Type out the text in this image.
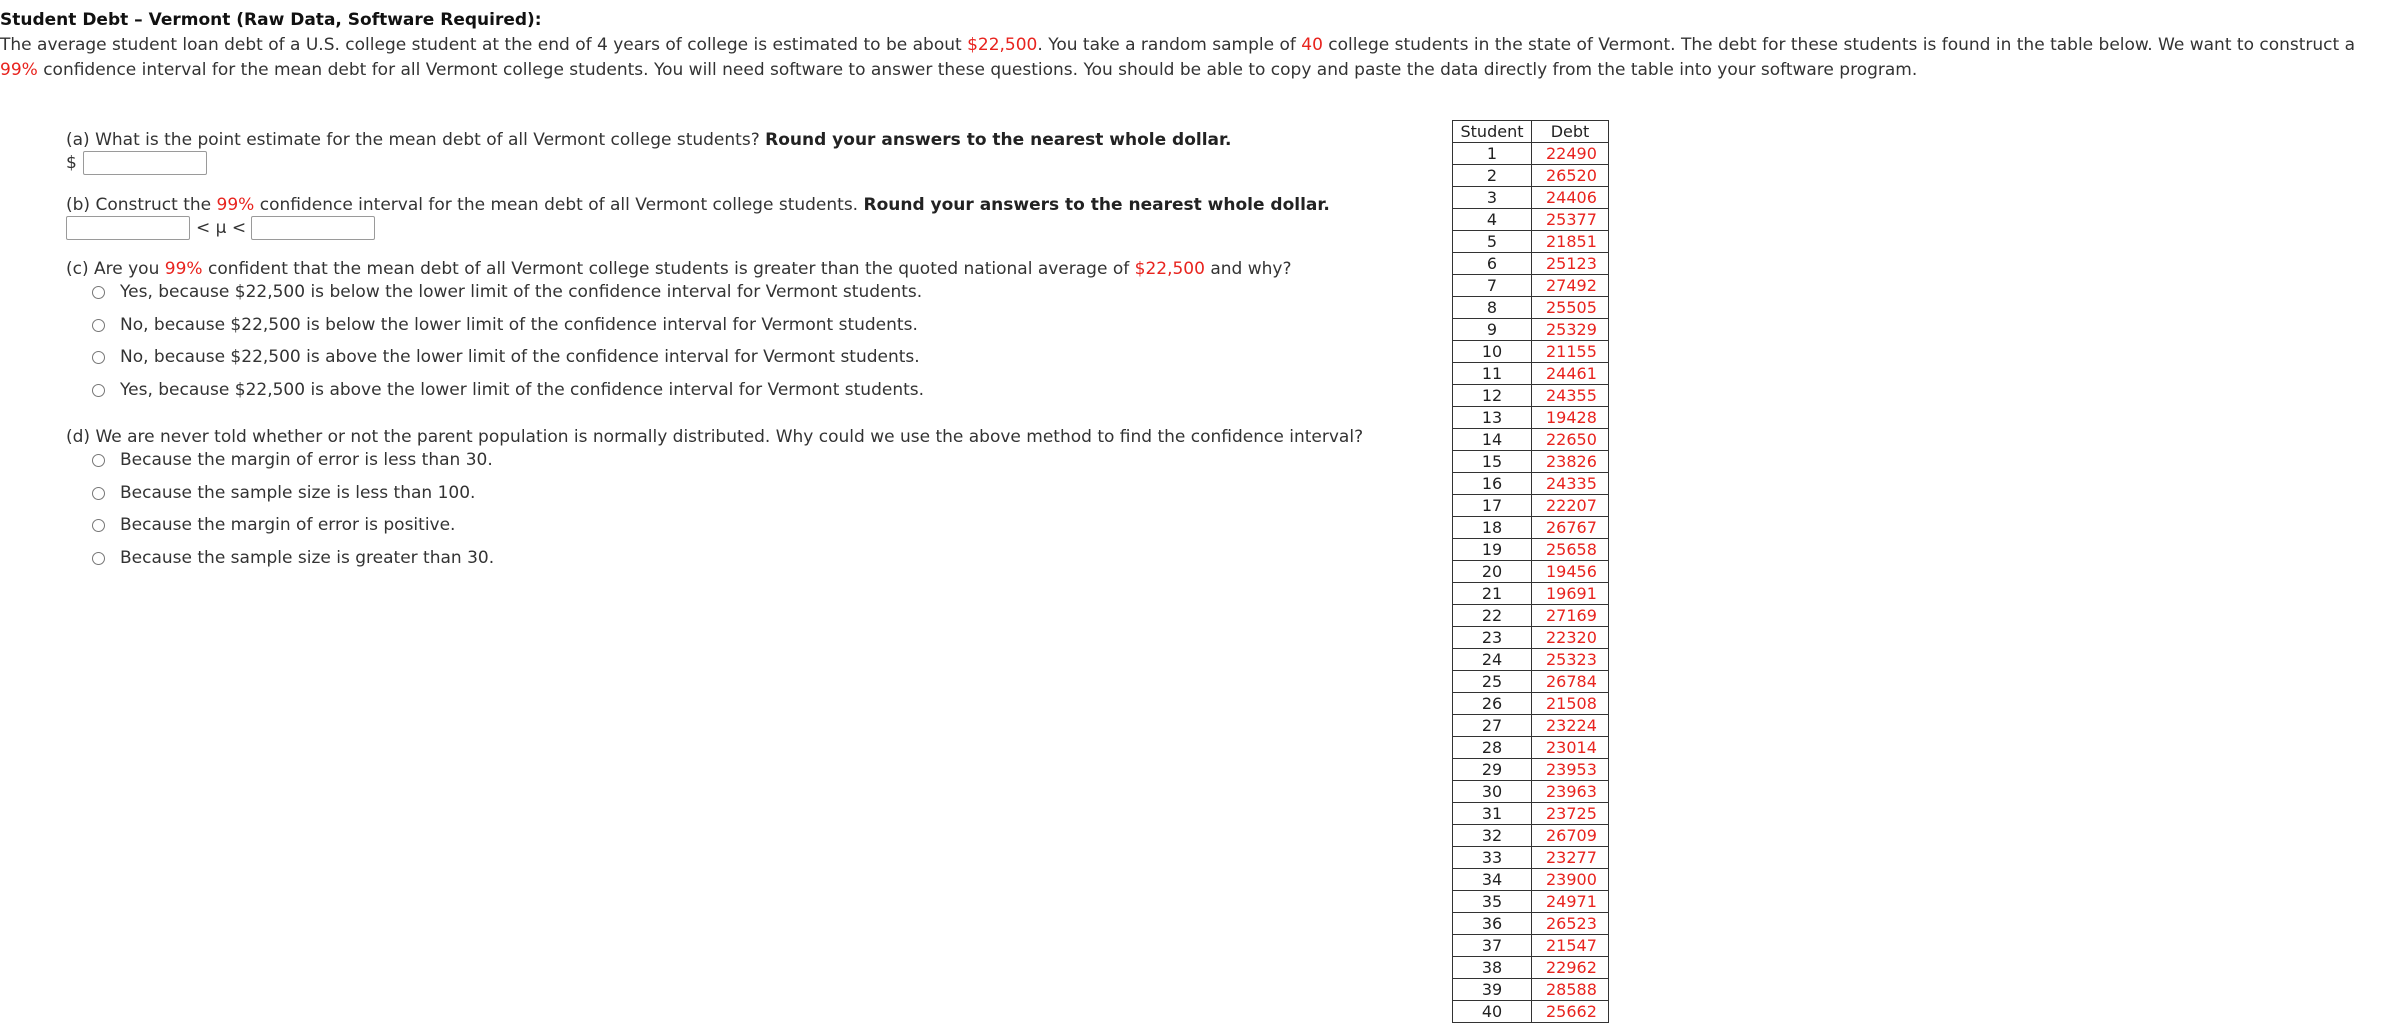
Student Debt – Vermont (Raw Data, Software Required):
The average student loan debt of a U.S. college student at the end of 4 years of college is estimated to be about $22,500. You take a random sample of 40 college students in the state of Vermont. The debt for these students is found in the table below. We want to construct a 99% confidence interval for the mean debt for all Vermont college students. You will need software to answer these questions. You should be able to copy and paste the data directly from the table into your software program.
(a) What is the point estimate for the mean debt of all Vermont college students? Round your answers to the nearest whole dollar.
$
(b) Construct the 99% confidence interval for the mean debt of all Vermont college students. Round your answers to the nearest whole dollar.
< μ <
(c) Are you 99% confident that the mean debt of all Vermont college students is greater than the quoted national average of $22,500 and why?
Yes, because $22,500 is below the lower limit of the confidence interval for Vermont students.
No, because $22,500 is below the lower limit of the confidence interval for Vermont students.
No, because $22,500 is above the lower limit of the confidence interval for Vermont students.
Yes, because $22,500 is above the lower limit of the confidence interval for Vermont students.
(d) We are never told whether or not the parent population is normally distributed. Why could we use the above method to find the confidence interval?
Because the margin of error is less than 30.
Because the sample size is less than 100.
Because the margin of error is positive.
Because the sample size is greater than 30.
Student	Debt
1	22490
2	26520
3	24406
4	25377
5	21851
6	25123
7	27492
8	25505
9	25329
10	21155
11	24461
12	24355
13	19428
14	22650
15	23826
16	24335
17	22207
18	26767
19	25658
20	19456
21	19691
22	27169
23	22320
24	25323
25	26784
26	21508
27	23224
28	23014
29	23953
30	23963
31	23725
32	26709
33	23277
34	23900
35	24971
36	26523
37	21547
38	22962
39	28588
40	25662
